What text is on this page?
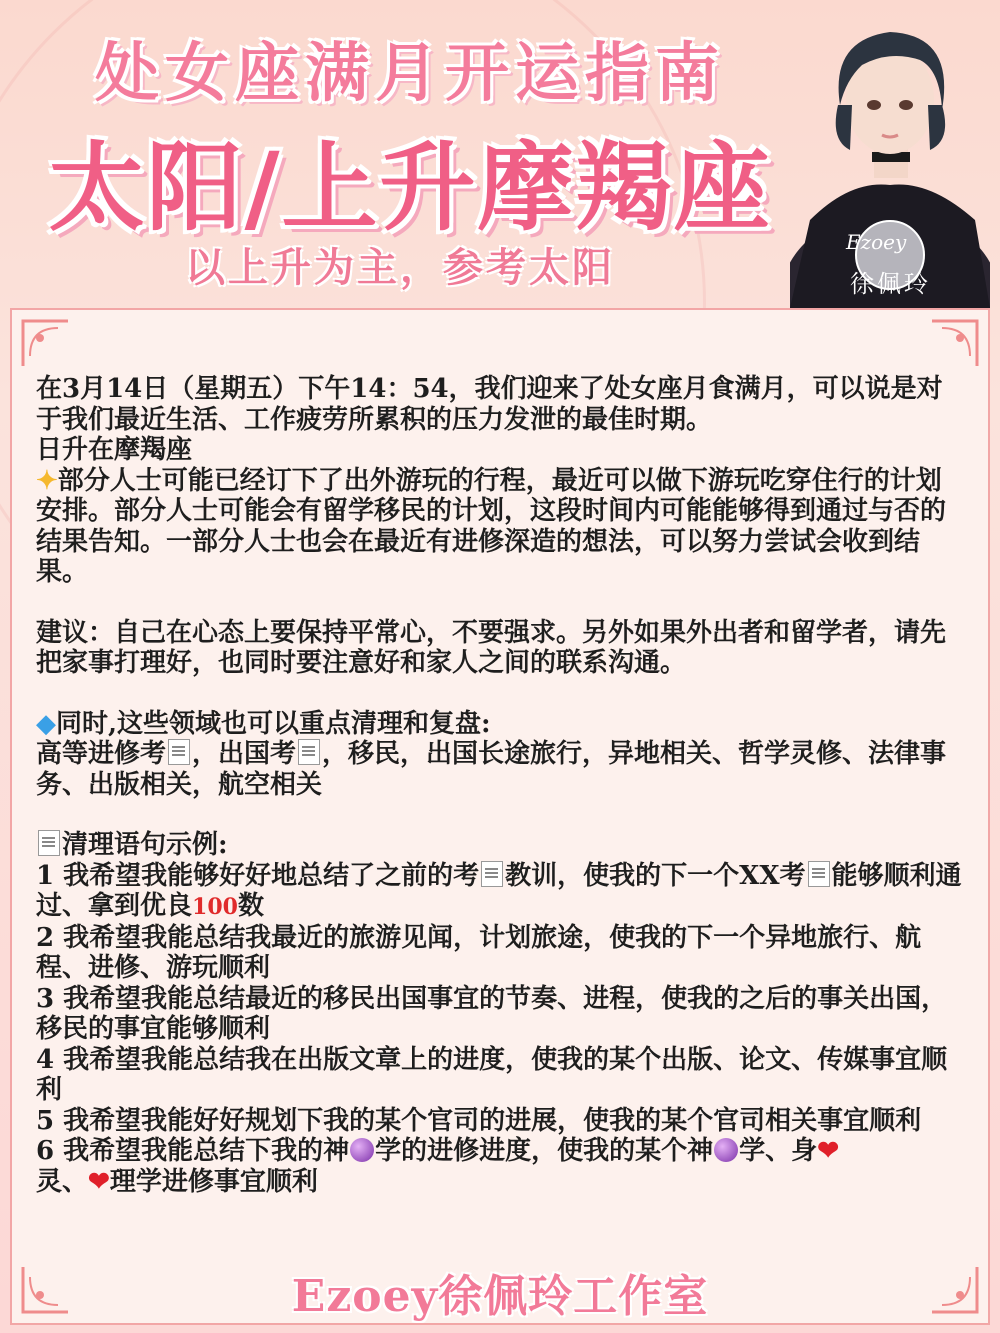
处女座满月开运指南
太阳/上升摩羯座
以上升为主，参考太阳
Ezoey
徐佩玲

在3月14日（星期五）下午14：54，我们迎来了处女座月食满月，可以说是对于我们最近生活、工作疲劳所累积的压力发泄的最佳时期。

日升在摩羯座

✦部分人士可能已经订下了出外游玩的行程，最近可以做下游玩吃穿住行的计划安排。部分人士可能会有留学移民的计划，这段时间内可能能够得到通过与否的结果告知。一部分人士也会在最近有进修深造的想法，可以努力尝试会收到结果。

建议：自己在心态上要保持平常心，不要强求。另外如果外出者和留学者，请先把家事打理好，也同时要注意好和家人之间的联系沟通。

◆同时,这些领域也可以重点清理和复盘:

高等进修考 ，出国考 ，移民，出国长途旅行，异地相关、哲学灵修、法律事务、出版相关，航空相关

清理语句示例:

1 我希望我能够好好地总结了之前的考 教训，使我的下一个XX考 能够顺利通过、拿到优良100数

2 我希望我能总结我最近的旅游见闻，计划旅途，使我的下一个异地旅行、航程、进修、游玩顺利

3 我希望我能总结最近的移民出国事宜的节奏、进程，使我的之后的事关出国，移民的事宜能够顺利

4 我希望我能总结我在出版文章上的进度，使我的某个出版、论文、传媒事宜顺利

5 我希望我能好好规划下我的某个官司的进展，使我的某个官司相关事宜顺利

6 我希望我能总结下我的神 学的进修进度，使我的某个神 学、身❤
灵、❤理学进修事宜顺利

Ezoey徐佩玲工作室
